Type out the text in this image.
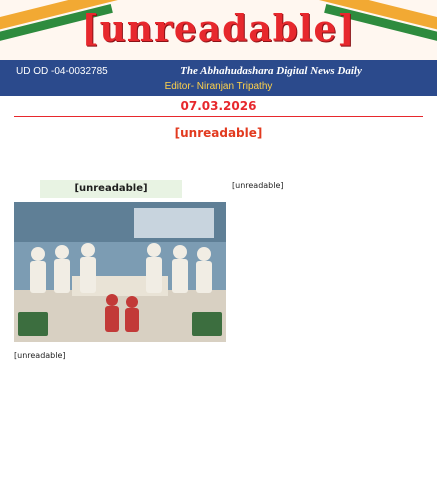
[unreadable]
UD OD -04-0032785	The Abhahudashara Digital News Daily
Editor- Niranjan Tripathy
07.03.2026
[unreadable]
[unreadable]	[unreadable]
[unreadable]
